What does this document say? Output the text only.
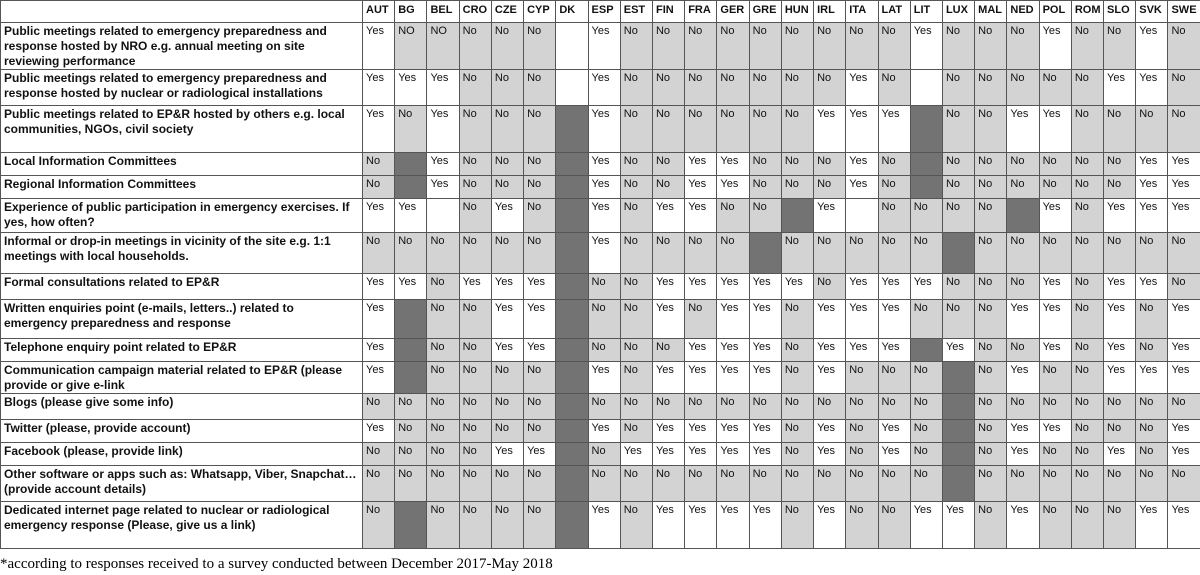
	AUT	BG	BEL	CRO	CZE	CYP	DK	ESP	EST	FIN	FRA	GER	GRE	HUN	IRL	ITA	LAT	LIT	LUX	MAL	NED	POL	ROM	SLO	SVK	SWE
Public meetings related to emergency preparedness and response hosted by NRO e.g. annual meeting on site reviewing performance	Yes	NO	NO	No	No	No		Yes	No	No	No	No	No	No	No	No	No	Yes	No	No	No	Yes	No	No	Yes	No
Public meetings related to emergency preparedness and response hosted by nuclear or radiological installations	Yes	Yes	Yes	No	No	No		Yes	No	No	No	No	No	No	No	Yes	No		No	No	No	No	No	Yes	Yes	No
Public meetings related to EP&R hosted by others e.g. local communities, NGOs, civil society	Yes	No	Yes	No	No	No		Yes	No	No	No	No	No	No	Yes	Yes	Yes		No	No	Yes	Yes	No	No	No	No
Local Information Committees	No		Yes	No	No	No		Yes	No	No	Yes	Yes	No	No	No	Yes	No		No	No	No	No	No	No	Yes	Yes
Regional Information Committees	No		Yes	No	No	No		Yes	No	No	Yes	Yes	No	No	No	Yes	No		No	No	No	No	No	No	Yes	Yes
Experience of public participation in emergency exercises. If yes, how often?	Yes	Yes		No	Yes	No		Yes	No	Yes	Yes	No	No		Yes		No	No	No	No		Yes	No	Yes	Yes	Yes
Informal or drop-in meetings in vicinity of the site e.g. 1:1 meetings with local households.	No	No	No	No	No	No		Yes	No	No	No	No		No	No	No	No	No		No	No	No	No	No	No	No
Formal consultations related to EP&R	Yes	Yes	No	Yes	Yes	Yes		No	No	Yes	Yes	Yes	Yes	Yes	No	Yes	Yes	Yes	No	No	No	Yes	No	Yes	Yes	No
Written enquiries point (e-mails, letters..) related to emergency preparedness and response	Yes		No	No	Yes	Yes		No	No	Yes	No	Yes	Yes	No	Yes	Yes	Yes	No	No	No	Yes	Yes	No	Yes	No	Yes
Telephone enquiry point related to EP&R	Yes		No	No	Yes	Yes		No	No	No	Yes	Yes	Yes	No	Yes	Yes	Yes		Yes	No	No	Yes	No	Yes	No	Yes
Communication campaign material related to EP&R (please provide or give e-link	Yes		No	No	No	No		Yes	No	Yes	Yes	Yes	Yes	No	Yes	No	No	No		No	Yes	No	No	Yes	Yes	Yes
Blogs (please give some info)	No	No	No	No	No	No		No	No	No	No	No	No	No	No	No	No	No		No	No	No	No	No	No	No
Twitter (please, provide account)	Yes	No	No	No	No	No		Yes	No	Yes	Yes	Yes	Yes	No	Yes	No	Yes	No		No	Yes	Yes	No	No	No	Yes
Facebook (please, provide link)	No	No	No	No	Yes	Yes		No	Yes	Yes	Yes	Yes	Yes	No	Yes	No	Yes	No		No	Yes	No	No	Yes	No	Yes
Other software or apps such as: Whatsapp, Viber, Snapchat… (provide account details)	No	No	No	No	No	No		No	No	No	No	No	No	No	No	No	No	No		No	No	No	No	No	No	No
Dedicated internet page related to nuclear or radiological emergency response (Please, give us a link)	No		No	No	No	No		Yes	No	Yes	Yes	Yes	Yes	No	Yes	No	No	Yes	Yes	No	Yes	No	No	No	Yes	Yes
*according to responses received to a survey conducted between December 2017-May 2018
